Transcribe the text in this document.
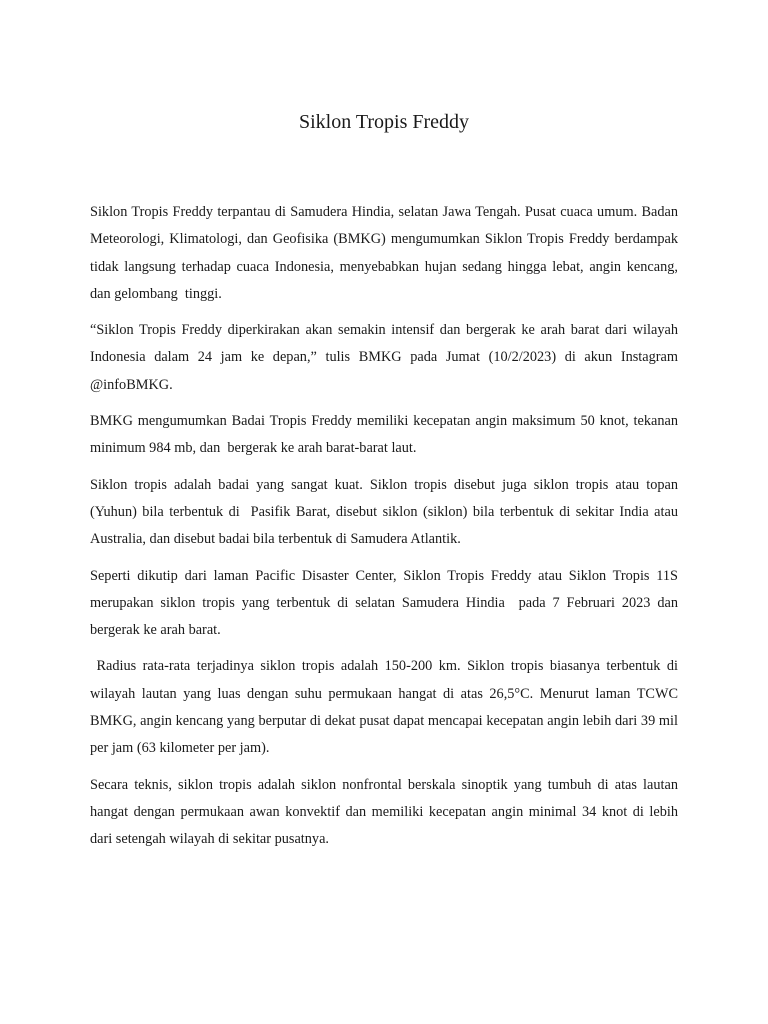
Siklon Tropis Freddy

Siklon Tropis Freddy terpantau di Samudera Hindia, selatan Jawa Tengah. Pusat cuaca umum. Badan Meteorologi, Klimatologi, dan Geofisika (BMKG) mengumumkan Siklon Tropis Freddy berdampak tidak langsung terhadap cuaca Indonesia, menyebabkan hujan sedang hingga lebat, angin kencang, dan gelombang  tinggi.

“Siklon Tropis Freddy diperkirakan akan semakin intensif dan bergerak ke arah barat dari wilayah Indonesia dalam 24 jam ke depan,” tulis BMKG pada Jumat (10/2/2023) di akun Instagram @infoBMKG.

BMKG mengumumkan Badai Tropis Freddy memiliki kecepatan angin maksimum 50 knot, tekanan minimum 984 mb, dan  bergerak ke arah barat-barat laut.

Siklon tropis adalah badai yang sangat kuat. Siklon tropis disebut juga siklon tropis atau topan (Yuhun) bila terbentuk di  Pasifik Barat, disebut siklon (siklon) bila terbentuk di sekitar India atau Australia, dan disebut badai bila terbentuk di Samudera Atlantik.

Seperti dikutip dari laman Pacific Disaster Center, Siklon Tropis Freddy atau Siklon Tropis 11S merupakan siklon tropis yang terbentuk di selatan Samudera Hindia  pada 7 Februari 2023 dan bergerak ke arah barat.

Radius rata-rata terjadinya siklon tropis adalah 150-200 km. Siklon tropis biasanya terbentuk di wilayah lautan yang luas dengan suhu permukaan hangat di atas 26,5°C. Menurut laman TCWC BMKG, angin kencang yang berputar di dekat pusat dapat mencapai kecepatan angin lebih dari 39 mil per jam (63 kilometer per jam).

Secara teknis, siklon tropis adalah siklon nonfrontal berskala sinoptik yang tumbuh di atas lautan hangat dengan permukaan awan konvektif dan memiliki kecepatan angin minimal 34 knot di lebih dari setengah wilayah di sekitar pusatnya.
